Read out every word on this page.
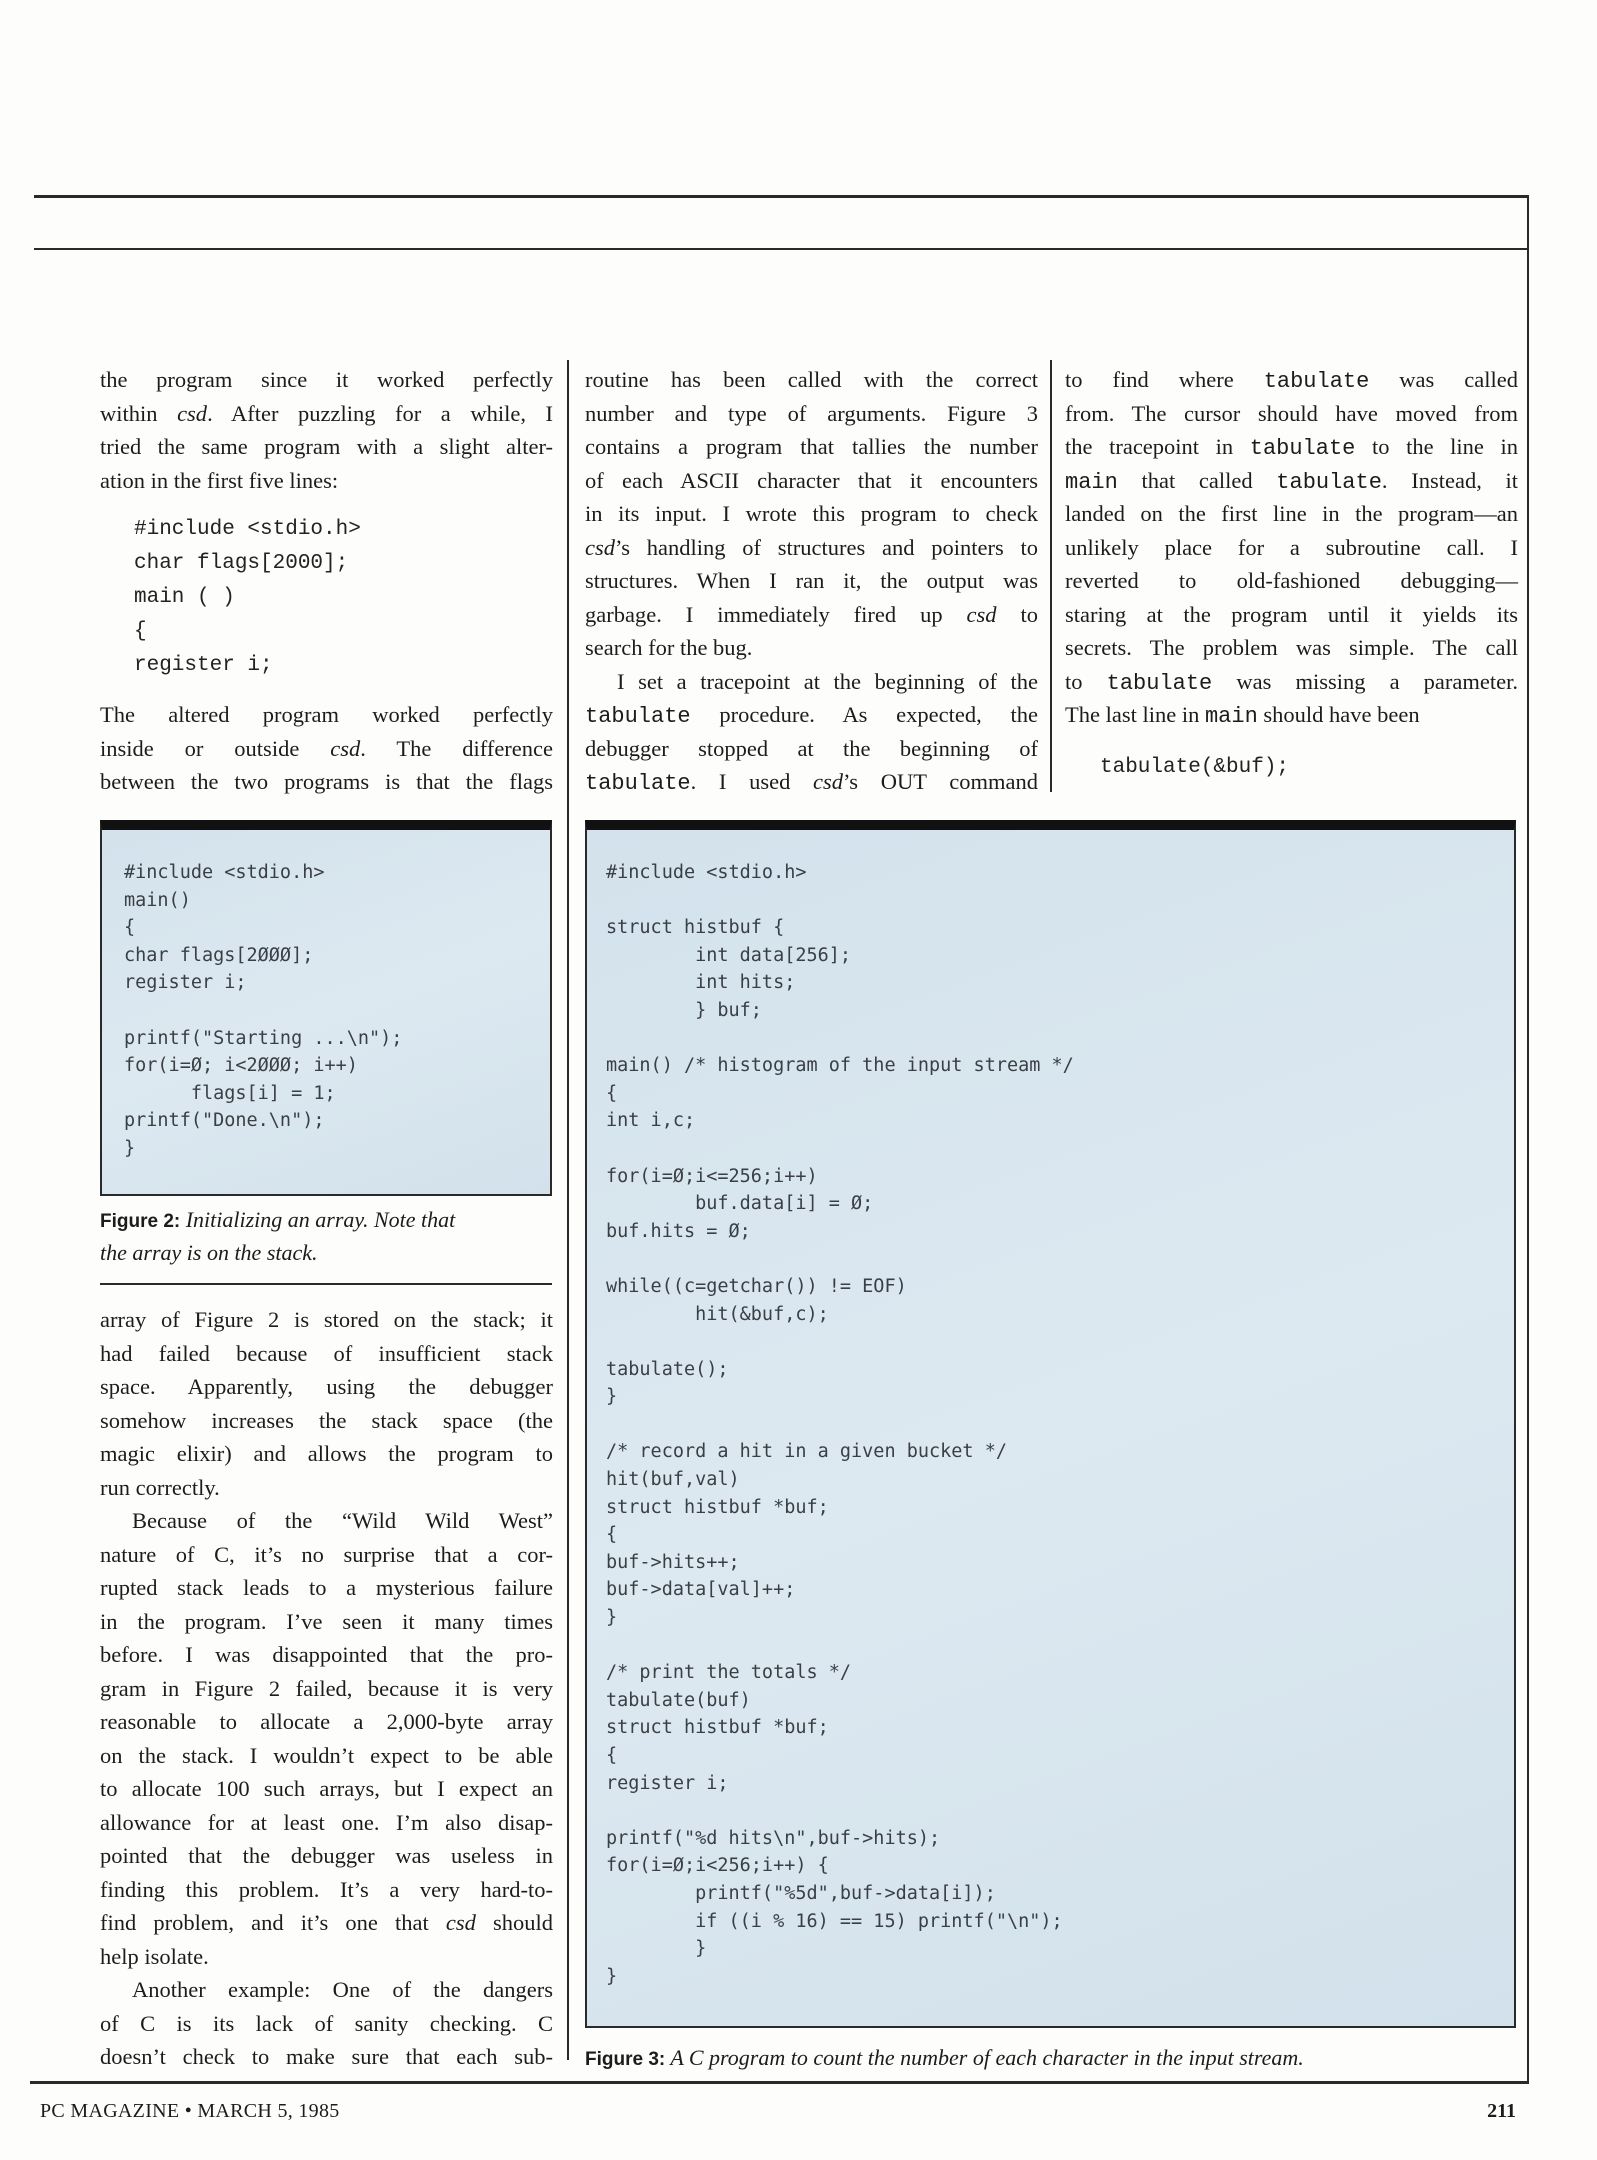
the program since it worked perfectly
within csd. After puzzling for a while, I
tried the same program with a slight alter-
ation in the first five lines:
#include <stdio.h>
char flags[2000];
main ( )
{
register i;
The altered program worked perfectly
inside or outside csd. The difference
between the two programs is that the flags
routine has been called with the correct
number and type of arguments. Figure 3
contains a program that tallies the number
of each ASCII character that it encounters
in its input. I wrote this program to check
csd’s handling of structures and pointers to
structures. When I ran it, the output was
garbage. I immediately fired up csd to
search for the bug.
I set a tracepoint at the beginning of the
tabulate procedure. As expected, the
debugger stopped at the beginning of
tabulate. I used csd’s OUT command
to find where tabulate was called
from. The cursor should have moved from
the tracepoint in tabulate to the line in
main that called tabulate. Instead, it
landed on the first line in the program—an
unlikely place for a subroutine call. I
reverted to old-fashioned debugging—
staring at the program until it yields its
secrets. The problem was simple. The call
to tabulate was missing a parameter.
The last line in main should have been
tabulate(&buf);
#include <stdio.h>
main()
{
char flags[2ØØØ];
register i;
printf("Starting ...\n");
for(i=Ø; i<2ØØØ; i++)
flags[i] = 1;
printf("Done.\n");
}
Figure 2: Initializing an array. Note that
the array is on the stack.
array of Figure 2 is stored on the stack; it
had failed because of insufficient stack
space. Apparently, using the debugger
somehow increases the stack space (the
magic elixir) and allows the program to
run correctly.
Because of the “Wild Wild West”
nature of C, it’s no surprise that a cor-
rupted stack leads to a mysterious failure
in the program. I’ve seen it many times
before. I was disappointed that the pro-
gram in Figure 2 failed, because it is very
reasonable to allocate a 2,000-byte array
on the stack. I wouldn’t expect to be able
to allocate 100 such arrays, but I expect an
allowance for at least one. I’m also disap-
pointed that the debugger was useless in
finding this problem. It’s a very hard-to-
find problem, and it’s one that csd should
help isolate.
Another example: One of the dangers
of C is its lack of sanity checking. C
doesn’t check to make sure that each sub-
#include <stdio.h>
struct histbuf {
int data[256];
int hits;
} buf;
main() /* histogram of the input stream */
{
int i,c;
for(i=Ø;i<=256;i++)
buf.data[i] = Ø;
buf.hits = Ø;
while((c=getchar()) != EOF)
hit(&buf,c);
tabulate();
}
/* record a hit in a given bucket */
hit(buf,val)
struct histbuf *buf;
{
buf->hits++;
buf->data[val]++;
}
/* print the totals */
tabulate(buf)
struct histbuf *buf;
{
register i;
printf("%d hits\n",buf->hits);
for(i=Ø;i<256;i++) {
printf("%5d",buf->data[i]);
if ((i % 16) == 15) printf("\n");
}
}
Figure 3: A C program to count the number of each character in the input stream.
PC MAGAZINE • MARCH 5, 1985	211
